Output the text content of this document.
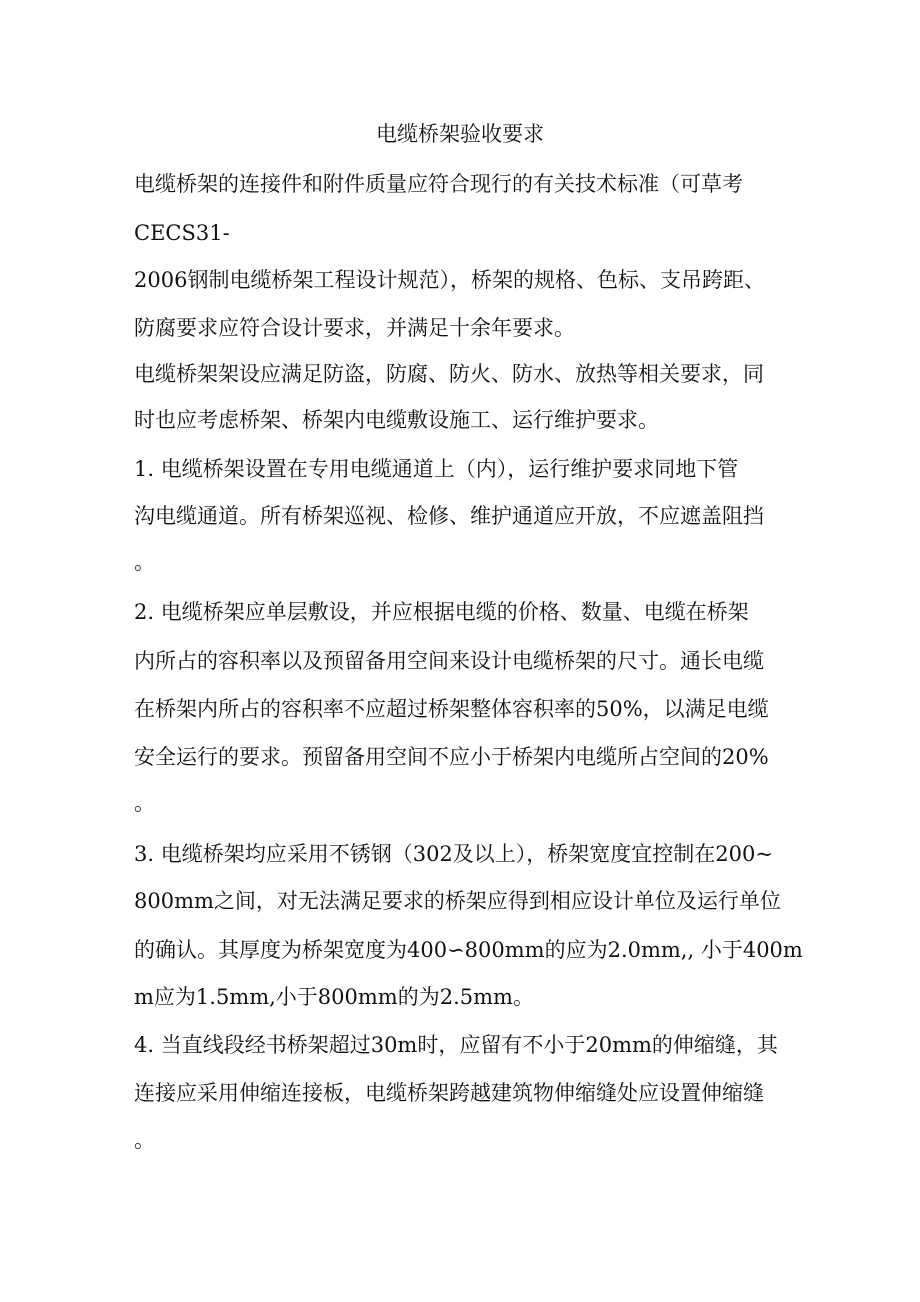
电缆桥架验收要求

电缆桥架的连接件和附件质量应符合现行的有关技术标准（可草考

CECS31-

2006钢制电缆桥架工程设计规范），桥架的规格、色标、支吊跨距、

防腐要求应符合设计要求，并满足十余年要求。

电缆桥架架设应满足防盗，防腐、防火、防水、放热等相关要求，同

时也应考虑桥架、桥架内电缆敷设施工、运行维护要求。

1. 电缆桥架设置在专用电缆通道上（内），运行维护要求同地下管

沟电缆通道。所有桥架巡视、检修、维护通道应开放，不应遮盖阻挡

。

2. 电缆桥架应单层敷设，并应根据电缆的价格、数量、电缆在桥架

内所占的容积率以及预留备用空间来设计电缆桥架的尺寸。通长电缆

在桥架内所占的容积率不应超过桥架整体容积率的50%，以满足电缆

安全运行的要求。预留备用空间不应小于桥架内电缆所占空间的20%

。

3. 电缆桥架均应采用不锈钢（302及以上），桥架宽度宜控制在200~

800mm之间，对无法满足要求的桥架应得到相应设计单位及运行单位

的确认。其厚度为桥架宽度为400∽800mm的应为2.0mm,, 小于400m

m应为1.5mm,小于800mm的为2.5mm。

4. 当直线段经书桥架超过30m时，应留有不小于20mm的伸缩缝，其

连接应采用伸缩连接板，电缆桥架跨越建筑物伸缩缝处应设置伸缩缝

。
